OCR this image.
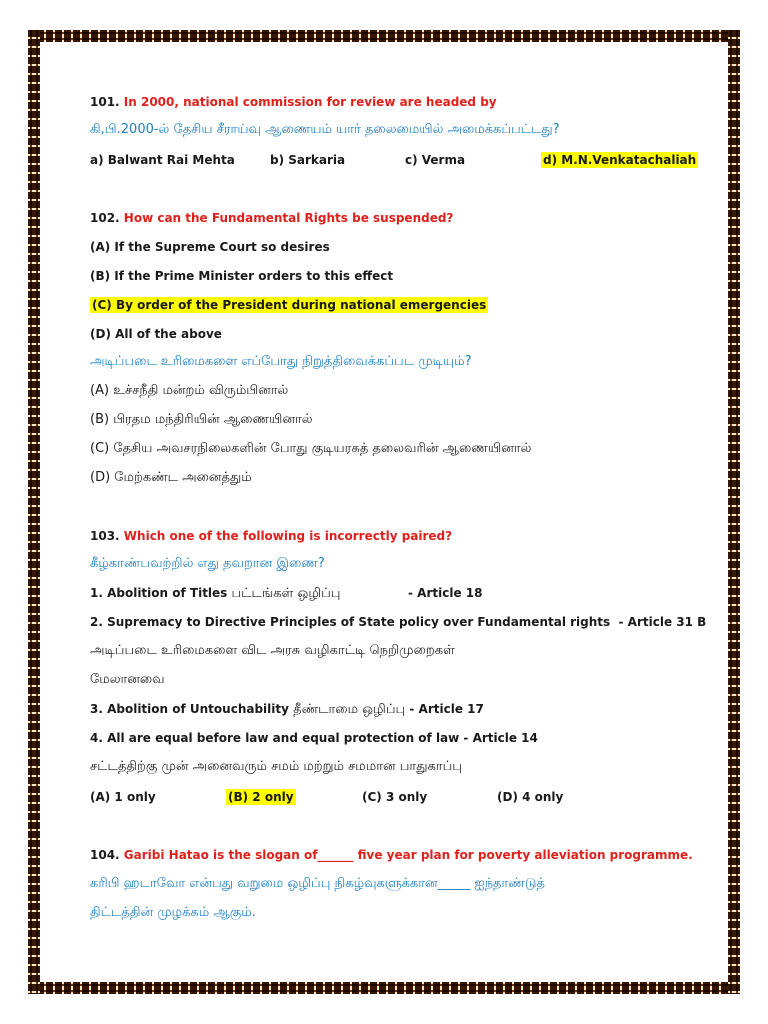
101. In 2000, national commission for review are headed by
கி,பி.2000-ல் தேசிய சீராய்வு ஆணையம் யார் தலைமையில் அமைக்கப்பட்டது?
a) Balwant Rai Mehta	b) Sarkaria	c) Verma	d) M.N.Venkatachaliah
102. How can the Fundamental Rights be suspended?
(A) If the Supreme Court so desires
(B) If the Prime Minister orders to this effect
(C) By order of the President during national emergencies
(D) All of the above
அடிப்படை உரிமைகளை எப்போது நிறுத்திவைக்கப்பட முடியும்?
(A) உச்சநீதி மன்றம் விரும்பினால்
(B) பிரதம மந்திரியின் ஆணையினால்
(C) தேசிய அவசரநிலைகளின் போது குடியரசுத் தலைவரின் ஆணையினால்
(D) மேற்கண்ட அனைத்தும்
103. Which one of the following is incorrectly paired?
கீழ்காண்பவற்றில் எது தவறான இணை?
1. Abolition of Titles பட்டங்கள் ஒழிப்பு	- Article 18
2. Supremacy to Directive Principles of State policy over Fundamental rights - Article 31 B
அடிப்படை உரிமைகளை விட அரசு வழிகாட்டி நெறிமுறைகள்
மேலானவை
3. Abolition of Untouchability தீண்டாமை ஒழிப்பு - Article 17
4. All are equal before law and equal protection of law - Article 14
சட்டத்திற்கு முன் அனைவரும் சமம் மற்றும் சமமான பாதுகாப்பு
(A) 1 only	(B) 2 only	(C) 3 only	(D) 4 only
104. Garibi Hatao is the slogan of______ five year plan for poverty alleviation programme.
கரிபி ஹடாவோ என்பது வறுமை ஒழிப்பு நிகழ்வுகளுக்கான_____ ஐந்தாண்டுத்
திட்டத்தின் முழக்கம் ஆகும்.
